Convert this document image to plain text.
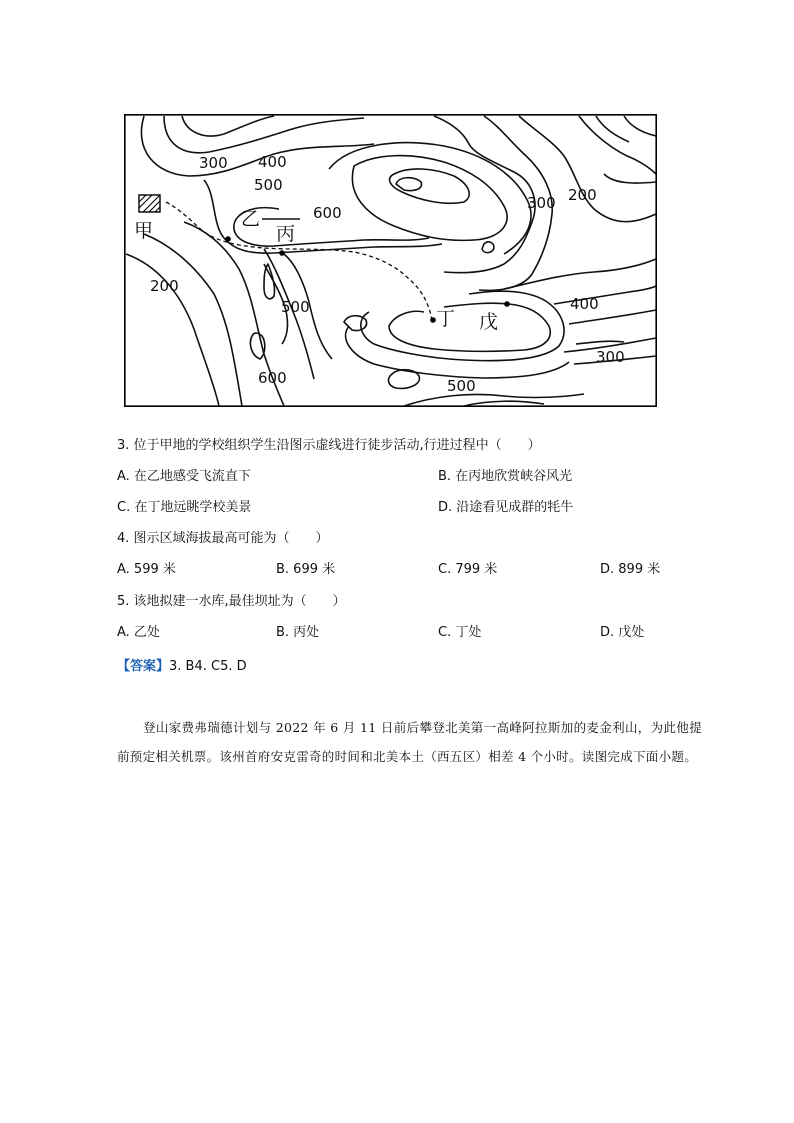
300 400
500
600
500
600
200
300 200
400
300
500
甲
乙
丙
丁 戊
3. 位于甲地的学校组织学生沿图示虚线进行徒步活动,行进过程中（　　）
A. 在乙地感受飞流直下	B. 在丙地欣赏峡谷风光
C. 在丁地远眺学校美景	D. 沿途看见成群的牦牛
4. 图示区域海拔最高可能为（　　）
A. 599 米	B. 699 米	C. 799 米	D. 899 米
5. 该地拟建一水库,最佳坝址为（　　）
A. 乙处	B. 丙处	C. 丁处	D. 戊处
【答案】3. B4. C5. D
登山家费弗瑞德计划与 2022 年 6 月 11 日前后攀登北美第一高峰阿拉斯加的麦金利山，为此他提前预定相关机票。该州首府安克雷奇的时间和北美本土（西五区）相差 4 个小时。读图完成下面小题。
